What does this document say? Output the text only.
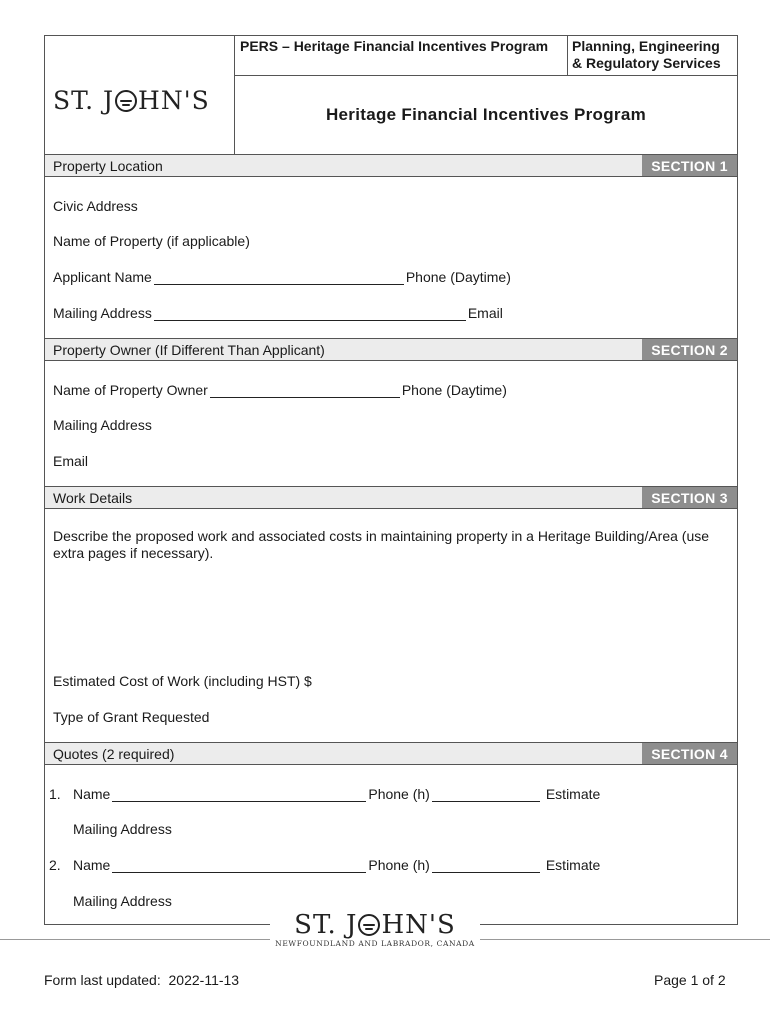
ST. J HN'S
PERS – Heritage Financial Incentives Program	Planning, Engineering & Regulatory Services
Heritage Financial Incentives Program
Property Location	SECTION 1
Civic Address
Name of Property (if applicable)
Applicant Name	Phone (Daytime)
Mailing Address	Email
Property Owner (If Different Than Applicant)	SECTION 2
Name of Property Owner	Phone (Daytime)
Mailing Address
Email
Work Details	SECTION 3
Describe the proposed work and associated costs in maintaining property in a Heritage Building/Area (use extra pages if necessary).
Estimated Cost of Work (including HST) $
Type of Grant Requested
Quotes (2 required)	SECTION 4
1. Name	Phone (h)	Estimate
Mailing Address
2. Name	Phone (h)	Estimate
Mailing Address
ST. J HN'S
NEWFOUNDLAND AND LABRADOR, CANADA
Form last updated: 2022-11-13	Page 1 of 2
